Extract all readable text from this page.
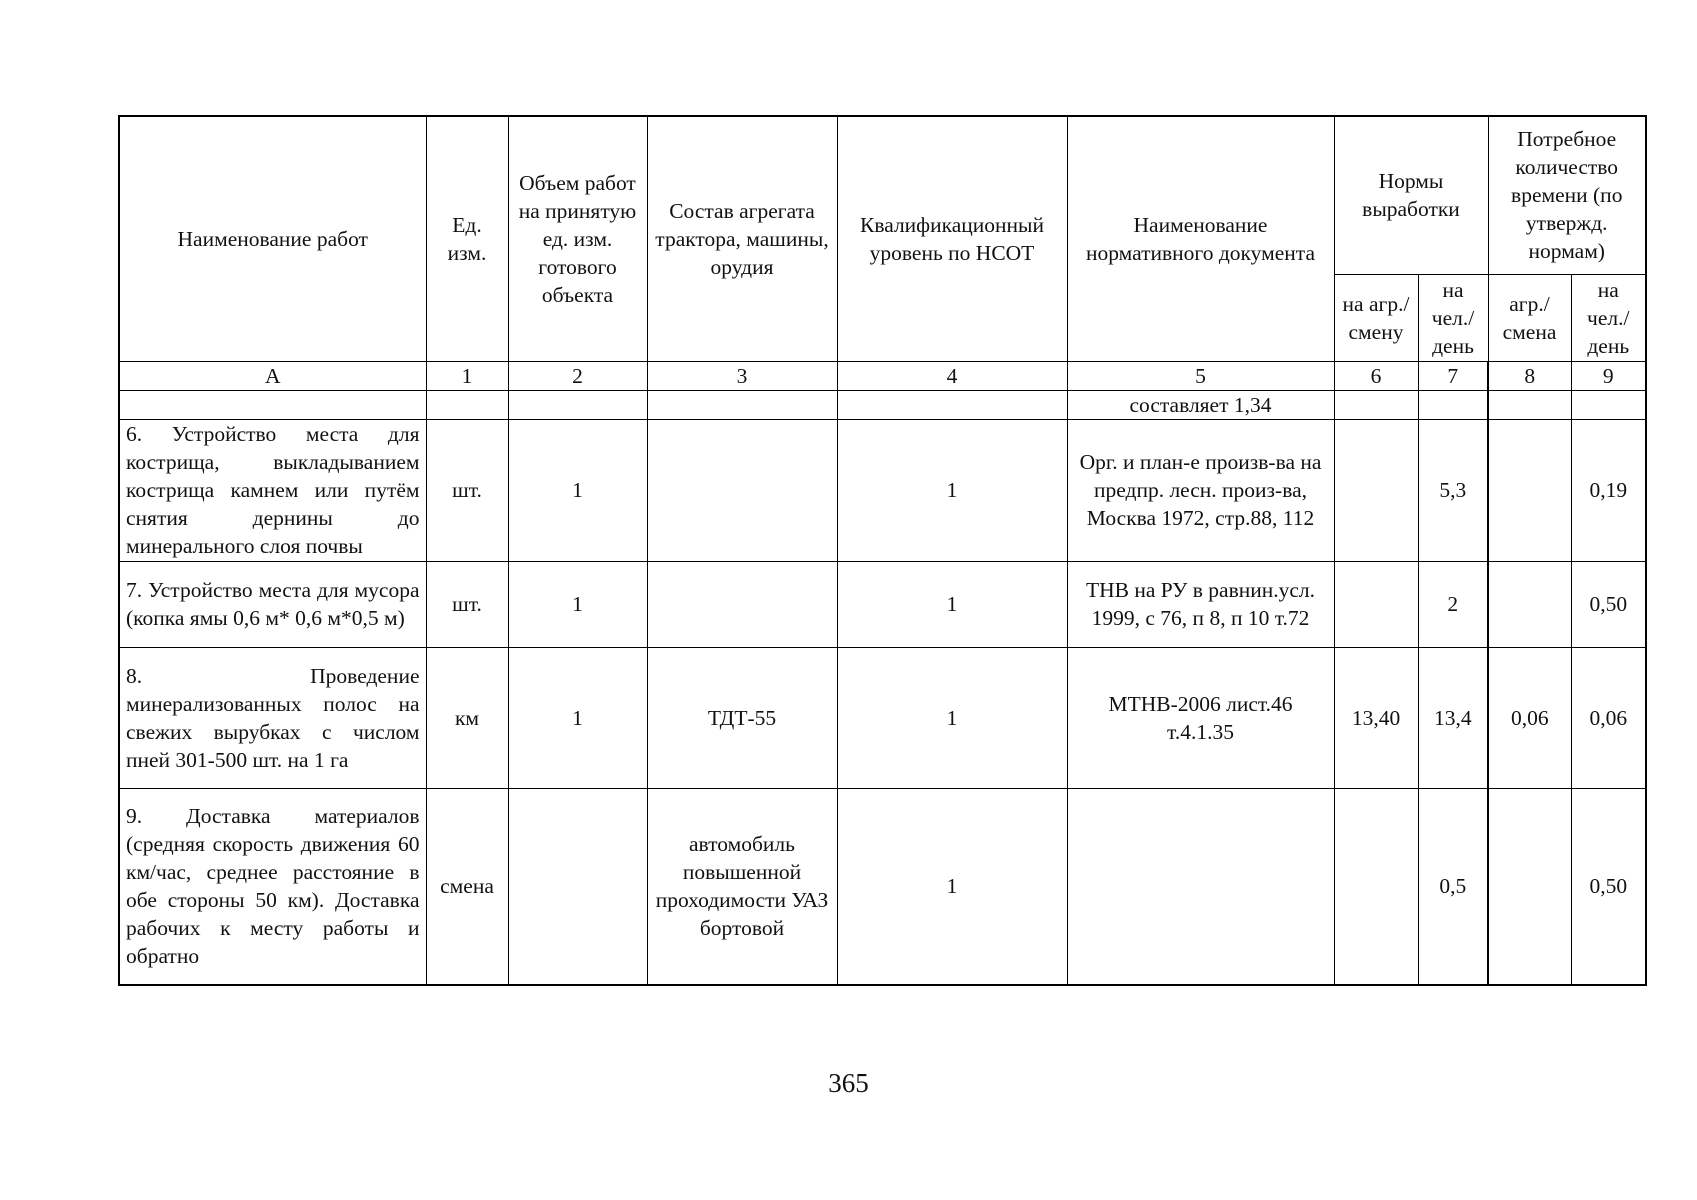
Наименование работ	Ед. изм.	Объем работ на принятую ед. изм. готового объекта	Состав агрегата трактора, машины, орудия	Квалификационный уровень по НСОТ	Наименование нормативного документа	Нормы выработки		Потребное количество времени (по утвержд. нормам)	
						на агр./ смену	на чел./ день	агр./ смена	на чел./ день
А	1	2	3	4	5	6	7	8	9
					составляет 1,34				
6. Устройство места для кострища, выкладыванием кострища камнем или путём снятия дернины до минерального слоя почвы	шт.	1		1	Орг. и план-е произв-ва на предпр. лесн. произ-ва, Москва 1972, стр.88, 112		5,3		0,19
7. Устройство места для мусора (копка ямы 0,6 м* 0,6 м*0,5 м)	шт.	1		1	ТНВ на РУ в равнин.усл. 1999, с 76, п 8, п 10 т.72		2		0,50
8. Проведение минерализованных полос на свежих вырубках с числом пней 301-500 шт. на 1 га	км	1	ТДТ-55	1	МТНВ-2006 лист.46 т.4.1.35	13,40	13,4	0,06	0,06
9. Доставка материалов (средняя скорость движения 60 км/час, среднее расстояние в обе стороны 50 км). Доставка рабочих к месту работы и обратно	смена		автомобиль повышенной проходимости УАЗ бортовой	1			0,5		0,50
365
